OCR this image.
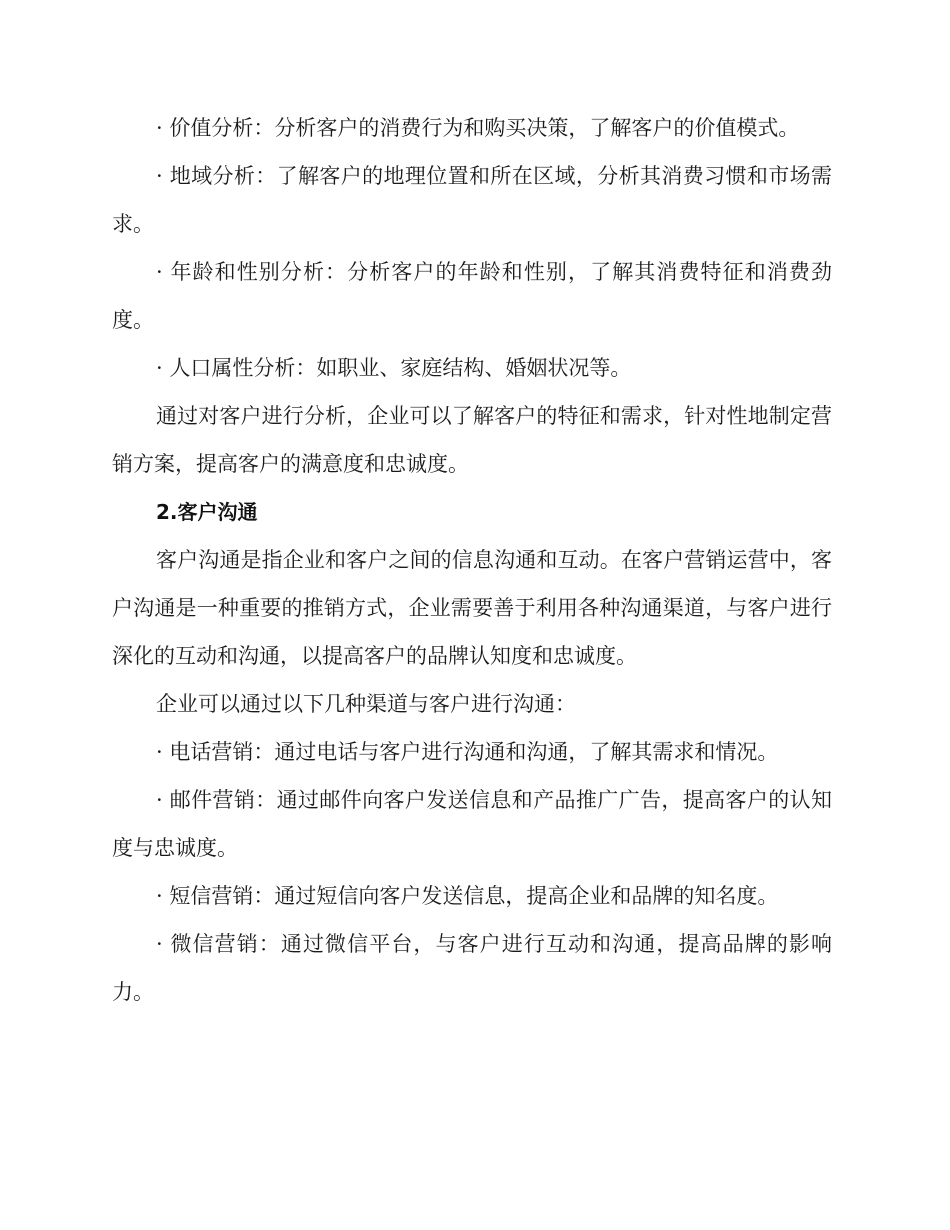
· 价值分析：分析客户的消费行为和购买决策，了解客户的价值模式。

· 地域分析：了解客户的地理位置和所在区域，分析其消费习惯和市场需求。

· 年龄和性别分析：分析客户的年龄和性别，了解其消费特征和消费劲度。

· 人口属性分析：如职业、家庭结构、婚姻状况等。

通过对客户进行分析，企业可以了解客户的特征和需求，针对性地制定营销方案，提高客户的满意度和忠诚度。

2.客户沟通

客户沟通是指企业和客户之间的信息沟通和互动。在客户营销运营中，客户沟通是一种重要的推销方式，企业需要善于利用各种沟通渠道，与客户进行深化的互动和沟通，以提高客户的品牌认知度和忠诚度。

企业可以通过以下几种渠道与客户进行沟通：

· 电话营销：通过电话与客户进行沟通和沟通，了解其需求和情况。

· 邮件营销：通过邮件向客户发送信息和产品推广广告，提高客户的认知度与忠诚度。

· 短信营销：通过短信向客户发送信息，提高企业和品牌的知名度。

· 微信营销：通过微信平台，与客户进行互动和沟通，提高品牌的影响力。
